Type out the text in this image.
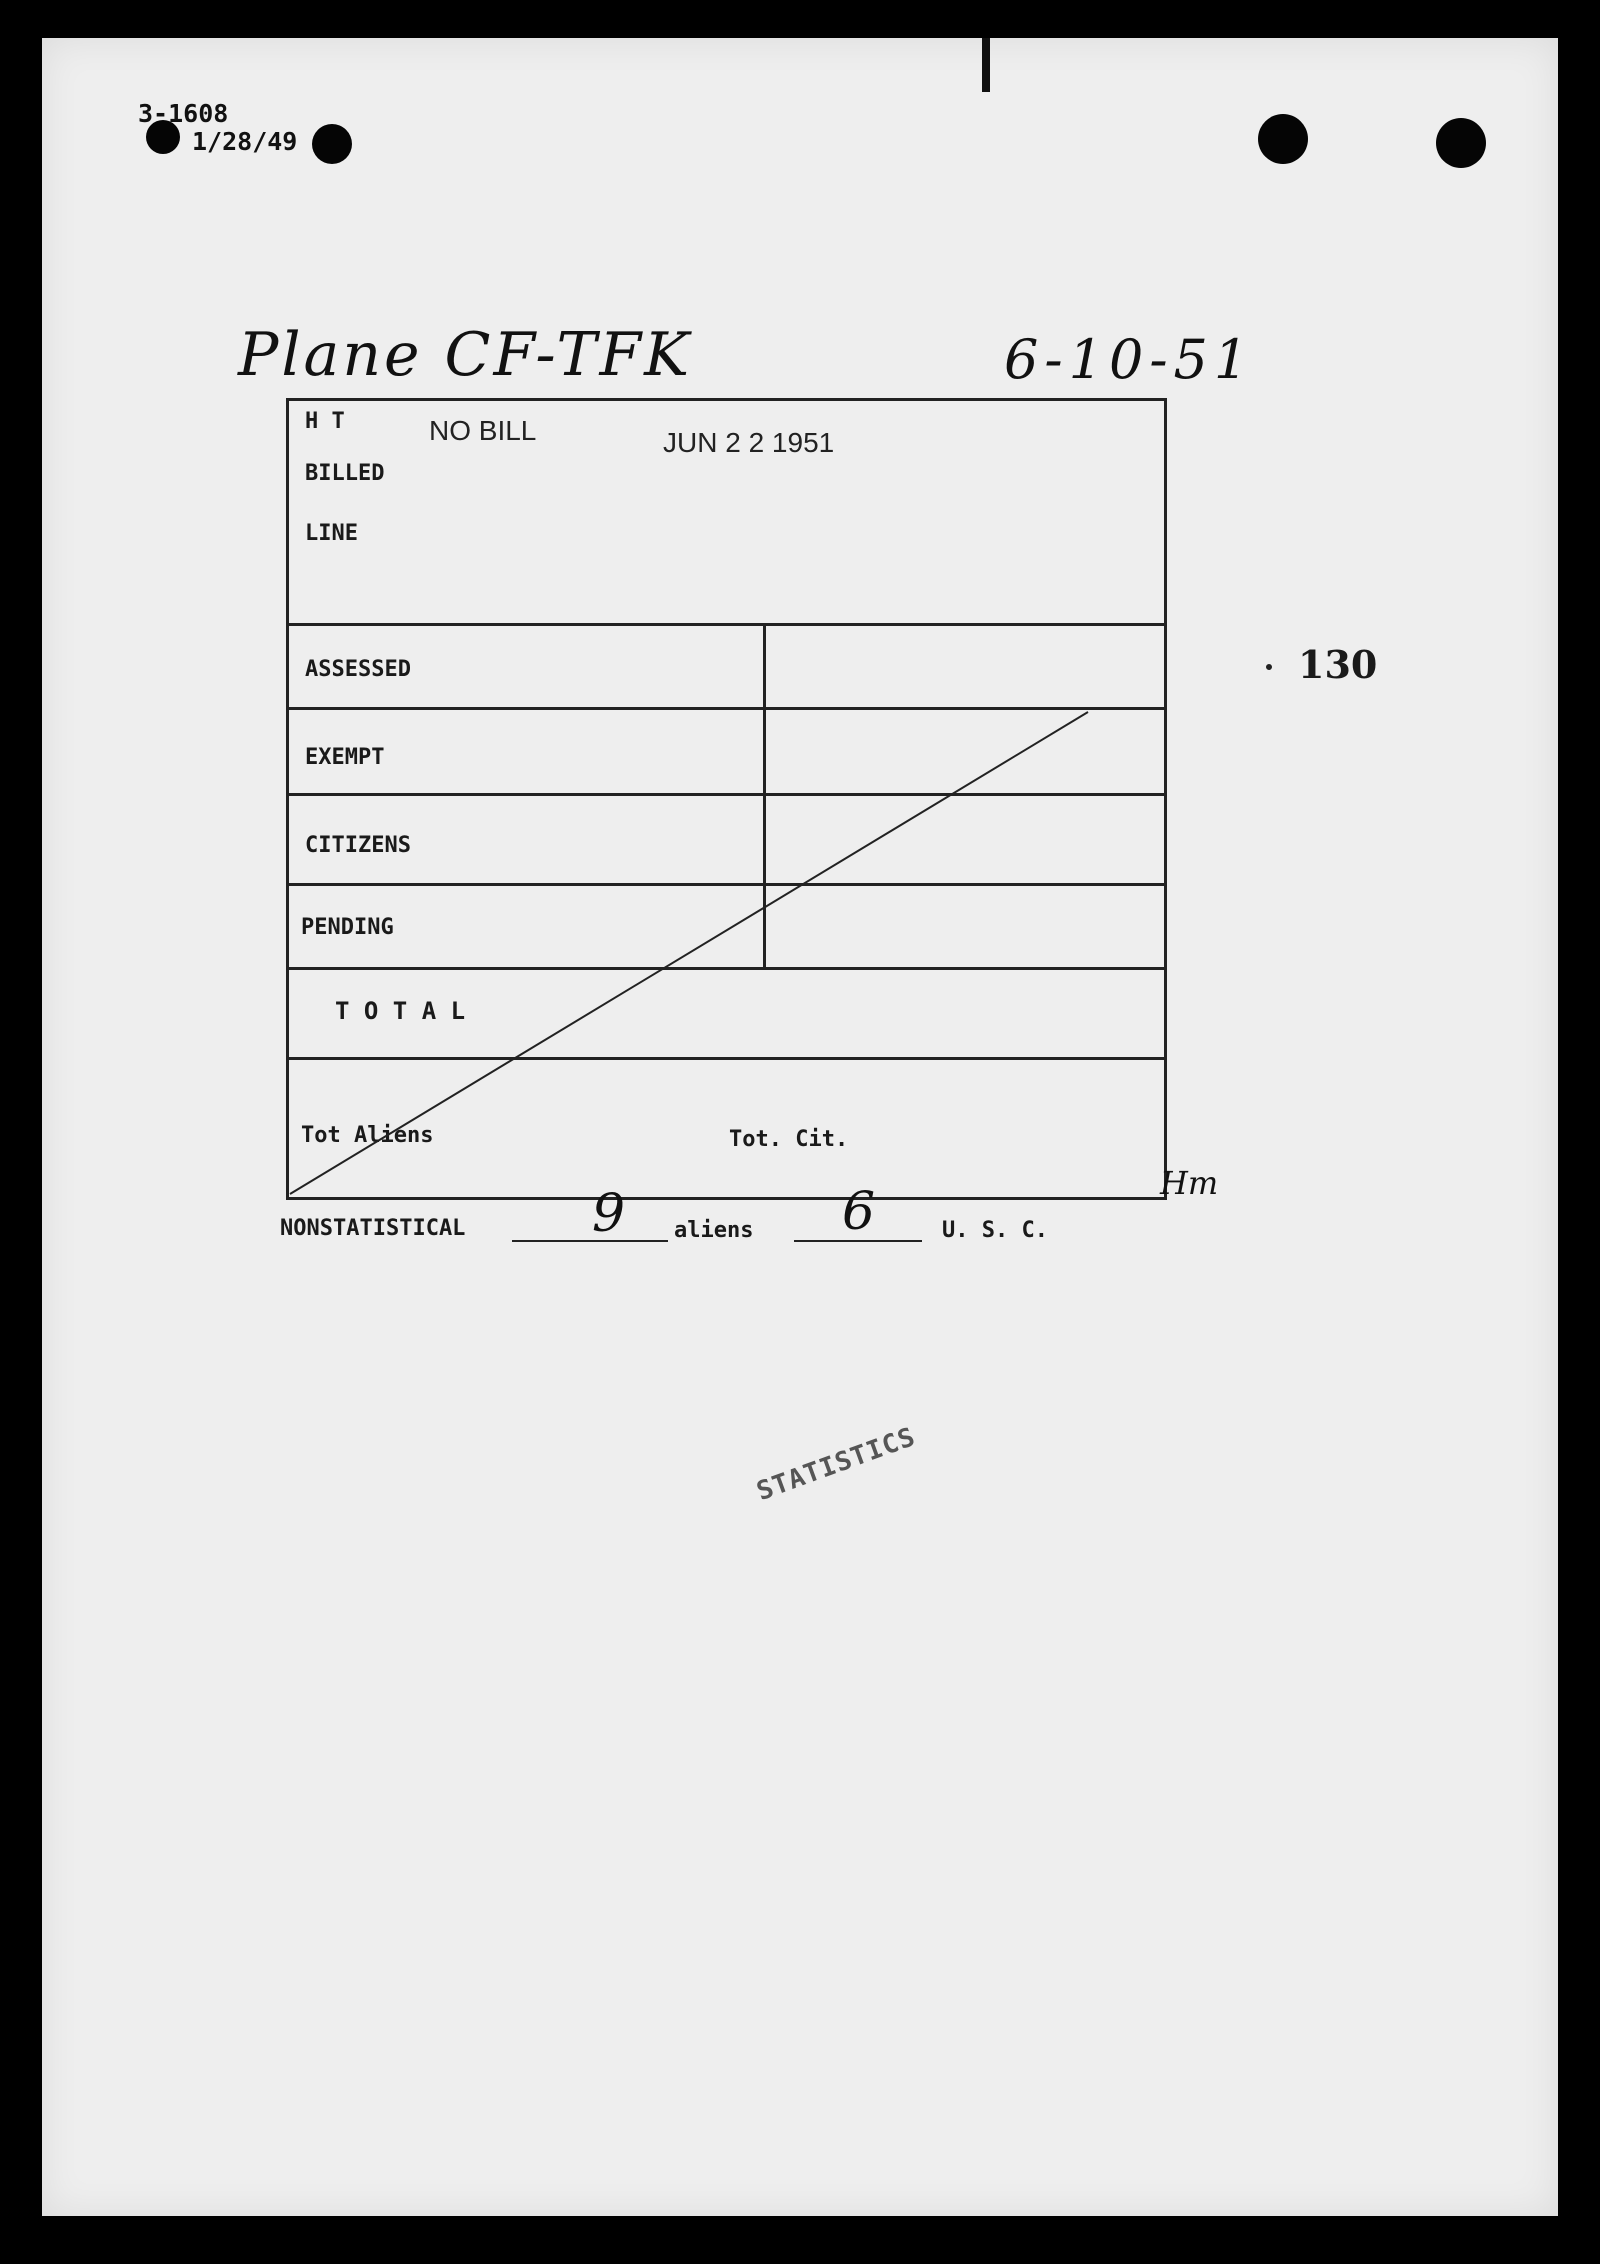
3-1608
1/28/49
Plane CF-TFK	6-10-51
130
H T	NO BILL	JUN 2 2 1951
BILLED
LINE
ASSESSED
EXEMPT
CITIZENS
PENDING
T O T A L
Tot Aliens	Tot. Cit.
Hm
NONSTATISTICAL 9 aliens 6	U. S. C.
STATISTICS
